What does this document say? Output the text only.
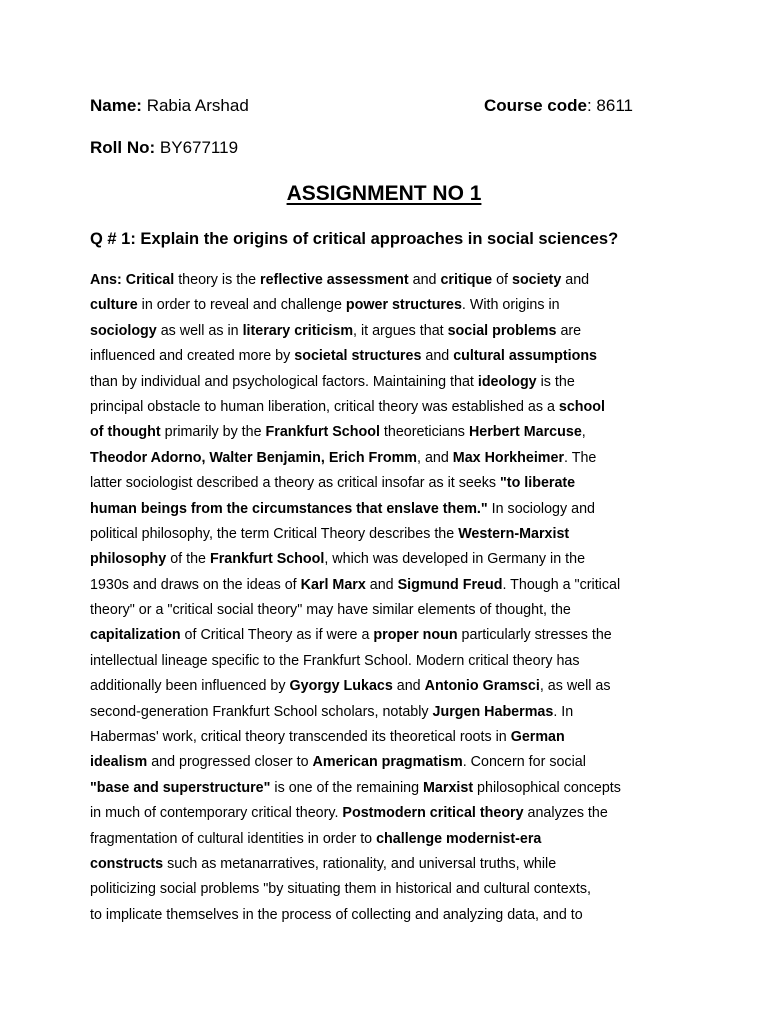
Name: Rabia Arshad	Course code: 8611
Roll No: BY677119
ASSIGNMENT NO 1
Q # 1: Explain the origins of critical approaches in social sciences?
Ans: Critical theory is the reflective assessment and critique of society and
culture in order to reveal and challenge power structures. With origins in
sociology as well as in literary criticism, it argues that social problems are
influenced and created more by societal structures and cultural assumptions
than by individual and psychological factors. Maintaining that ideology is the
principal obstacle to human liberation, critical theory was established as a school
of thought primarily by the Frankfurt School theoreticians Herbert Marcuse,
Theodor Adorno, Walter Benjamin, Erich Fromm, and Max Horkheimer. The
latter sociologist described a theory as critical insofar as it seeks "to liberate
human beings from the circumstances that enslave them." In sociology and
political philosophy, the term Critical Theory describes the Western-Marxist
philosophy of the Frankfurt School, which was developed in Germany in the
1930s and draws on the ideas of Karl Marx and Sigmund Freud. Though a "critical
theory" or a "critical social theory" may have similar elements of thought, the
capitalization of Critical Theory as if were a proper noun particularly stresses the
intellectual lineage specific to the Frankfurt School. Modern critical theory has
additionally been influenced by Gyorgy Lukacs and Antonio Gramsci, as well as
second-generation Frankfurt School scholars, notably Jurgen Habermas. In
Habermas' work, critical theory transcended its theoretical roots in German
idealism and progressed closer to American pragmatism. Concern for social
"base and superstructure" is one of the remaining Marxist philosophical concepts
in much of contemporary critical theory. Postmodern critical theory analyzes the
fragmentation of cultural identities in order to challenge modernist-era
constructs such as metanarratives, rationality, and universal truths, while
politicizing social problems "by situating them in historical and cultural contexts,
to implicate themselves in the process of collecting and analyzing data, and to
